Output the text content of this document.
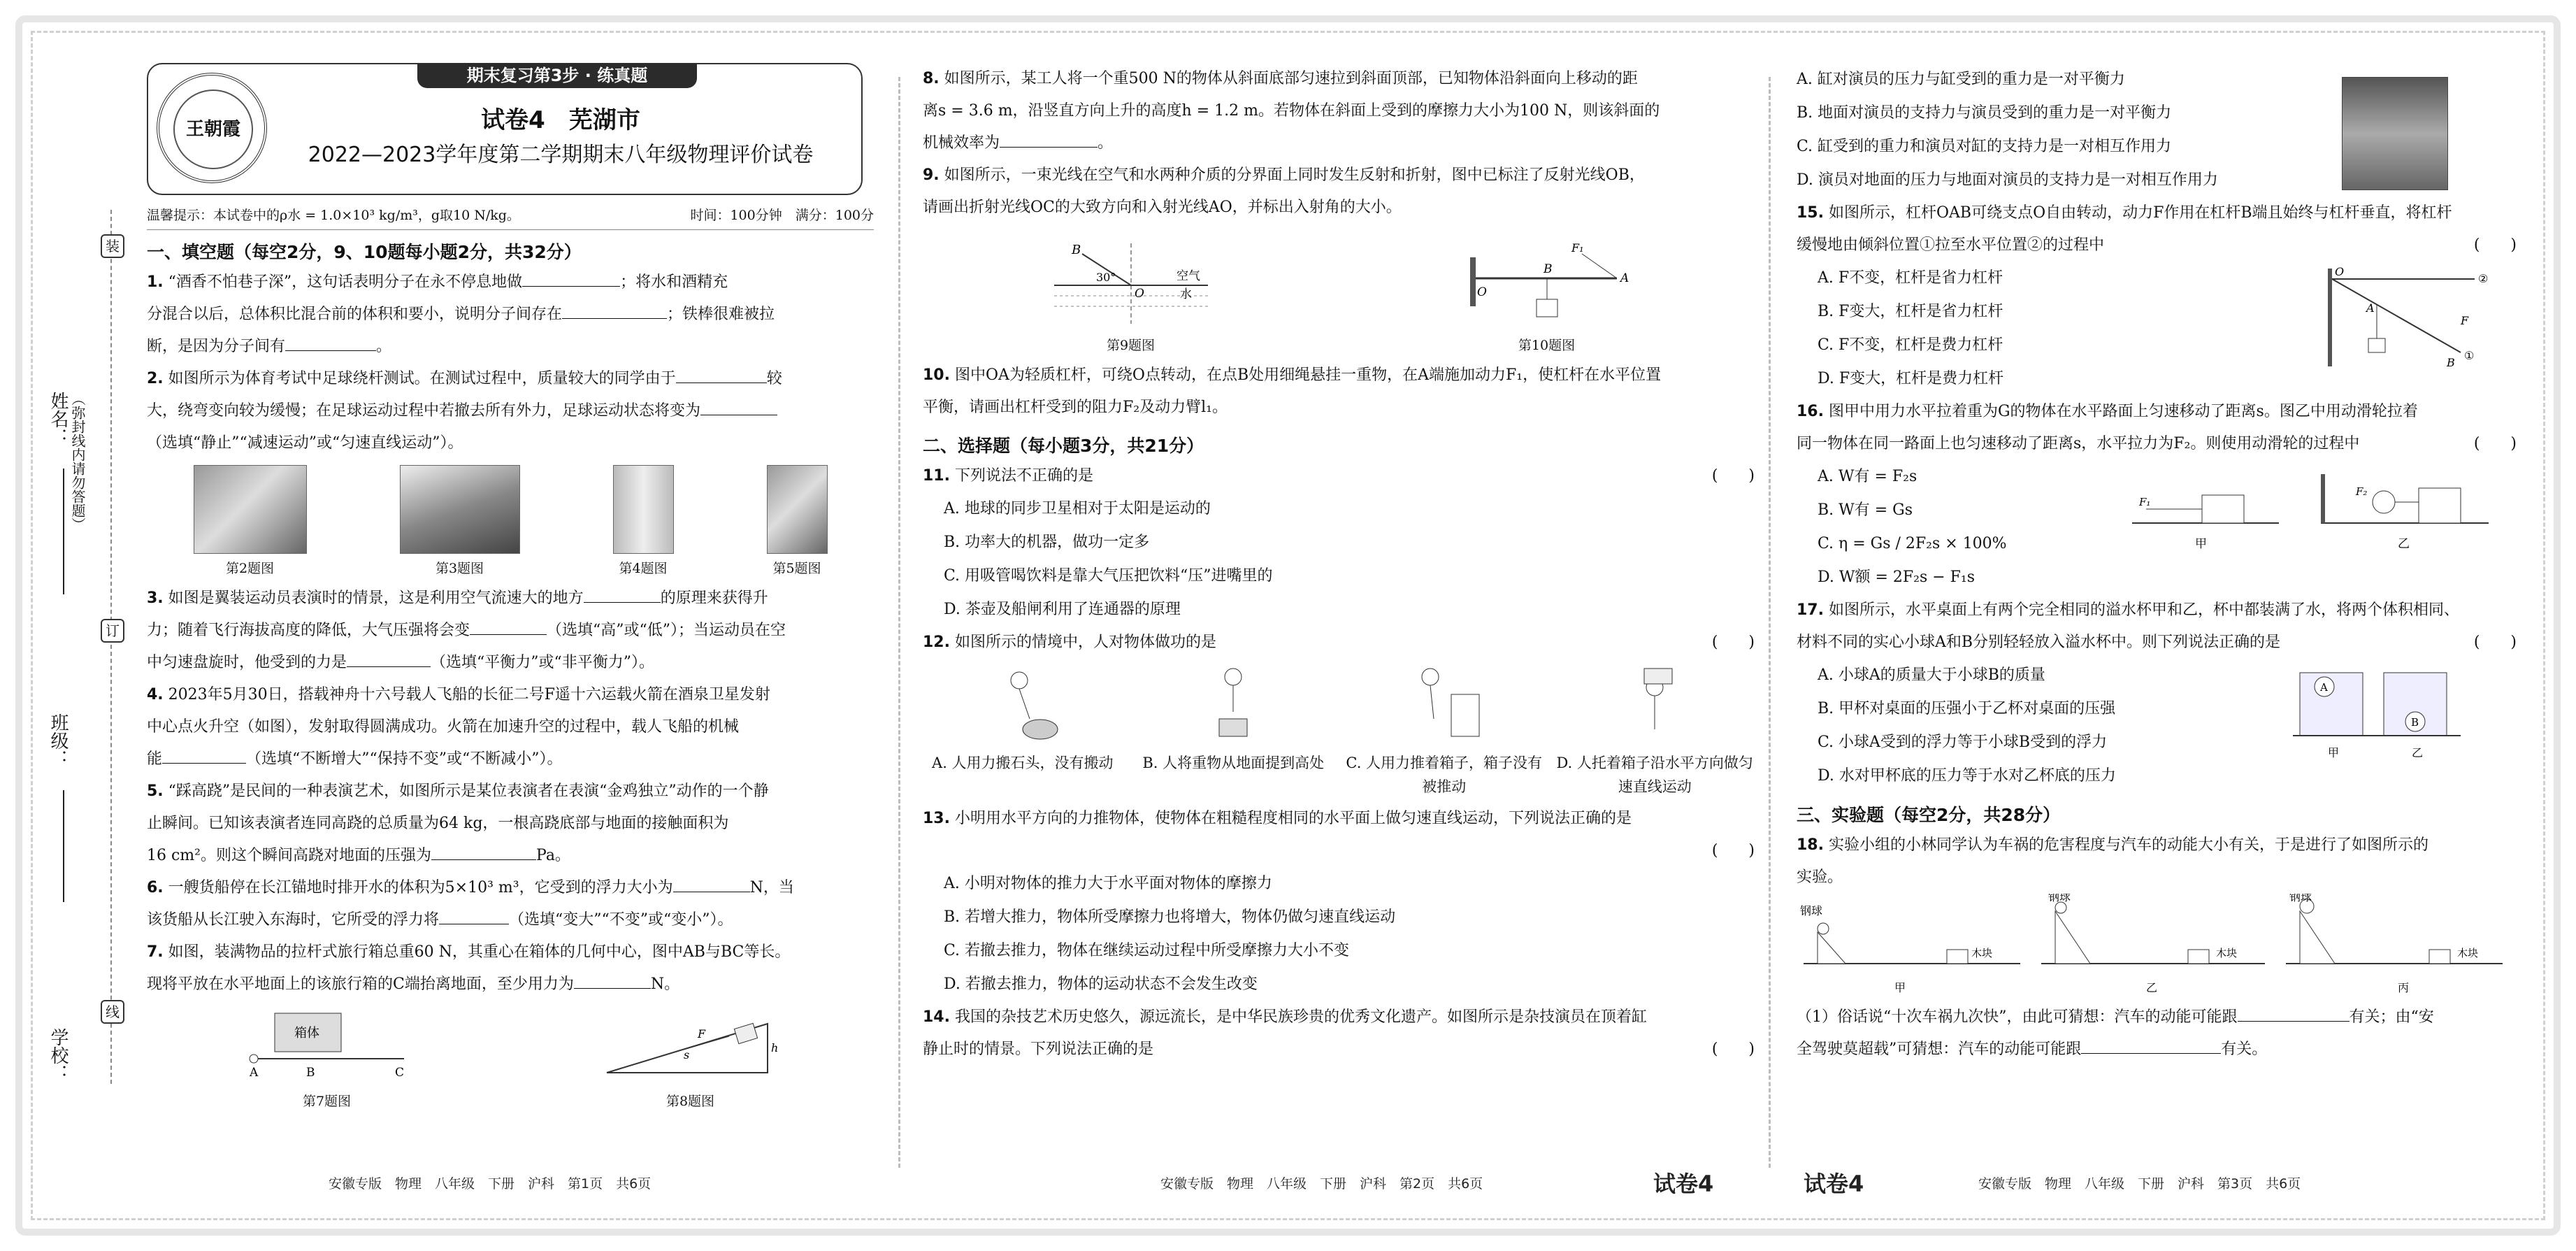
姓名：
班级：
学校：
装
订
线
（弥封线内请勿答题）
期末复习第3步 · 练真题
王朝霞	试卷4　芜湖市
2022—2023学年度第二学期期末八年级物理评价试卷
温馨提示：本试卷中的ρ水 = 1.0×10³ kg/m³，g取10 N/kg。	时间：100分钟　满分：100分
一、填空题（每空2分，9、10题每小题2分，共32分）

1. “酒香不怕巷子深”，这句话表明分子在永不停息地做	；将水和酒精充
分混合以后，总体积比混合前的体积和要小，说明分子间存在	；铁棒很难被拉
断，是因为分子间有	。

2. 如图所示为体育考试中足球绕杆测试。在测试过程中，质量较大的同学由于	较
大，绕弯变向较为缓慢；在足球运动过程中若撤去所有外力，足球运动状态将变为
（选填“静止”“减速运动”或“匀速直线运动”）。

第2题图	第3题图	第4题图	第5题图

3. 如图是翼装运动员表演时的情景，这是利用空气流速大的地方	的原理来获得升
力；随着飞行海拔高度的降低，大气压强将会变	（选填“高”或“低”）；当运动员在空
中匀速盘旋时，他受到的力是	（选填“平衡力”或“非平衡力”）。

4. 2023年5月30日，搭载神舟十六号载人飞船的长征二号F遥十六运载火箭在酒泉卫星发射
中心点火升空（如图），发射取得圆满成功。火箭在加速升空的过程中，载人飞船的机械
能	（选填“不断增大”“保持不变”或“不断减小”）。

5. “踩高跷”是民间的一种表演艺术，如图所示是某位表演者在表演“金鸡独立”动作的一个静
止瞬间。已知该表演者连同高跷的总质量为64 kg，一根高跷底部与地面的接触面积为
16 cm²。则这个瞬间高跷对地面的压强为	Pa。

6. 一艘货船停在长江锚地时排开水的体积为5×10³ m³，它受到的浮力大小为	N，当
该货船从长江驶入东海时，它所受的浮力将	（选填“变大”“不变”或“变小”）。

7. 如图，装满物品的拉杆式旅行箱总重60 N，其重心在箱体的几何中心，图中AB与BC等长。
现将平放在水平地面上的该旅行箱的C端抬离地面，至少用力为	N。

箱体
A	B	C
第7题图
F
s
h
第8题图

8. 如图所示，某工人将一个重500 N的物体从斜面底部匀速拉到斜面顶部，已知物体沿斜面向上移动的距
离s = 3.6 m，沿竖直方向上升的高度h = 1.2 m。若物体在斜面上受到的摩擦力大小为100 N，则该斜面的
机械效率为	。

9. 如图所示，一束光线在空气和水两种介质的分界面上同时发生反射和折射，图中已标注了反射光线OB，
请画出折射光线OC的大致方向和入射光线AO，并标出入射角的大小。

B
30°
O
空气
水
第9题图
O
B
A
F₁
第10题图

10. 图中OA为轻质杠杆，可绕O点转动，在点B处用细绳悬挂一重物，在A端施加动力F₁，使杠杆在水平位置
平衡，请画出杠杆受到的阻力F₂及动力臂l₁。

二、选择题（每小题3分，共21分）

11. 下列说法不正确的是	(　　)

A. 地球的同步卫星相对于太阳是运动的

B. 功率大的机器，做功一定多

C. 用吸管喝饮料是靠大气压把饮料“压”进嘴里的

D. 茶壶及船闸利用了连通器的原理

12. 如图所示的情境中，人对物体做功的是	(　　)

A. 人用力搬石头，没有搬动	B. 人将重物从地面提到高处	C. 人用力推着箱子，箱子没有被推动
D. 人托着箱子沿水平方向做匀速直线运动

13. 小明用水平方向的力推物体，使物体在粗糙程度相同的水平面上做匀速直线运动，下列说法正确的是

(　　)

A. 小明对物体的推力大于水平面对物体的摩擦力

B. 若增大推力，物体所受摩擦力也将增大，物体仍做匀速直线运动

C. 若撤去推力，物体在继续运动过程中所受摩擦力大小不变

D. 若撤去推力，物体的运动状态不会发生改变

14. 我国的杂技艺术历史悠久，源远流长，是中华民族珍贵的优秀文化遗产。如图所示是杂技演员在顶着缸
静止时的情景。下列说法正确的是	(　　)

A. 缸对演员的压力与缸受到的重力是一对平衡力

B. 地面对演员的支持力与演员受到的重力是一对平衡力

C. 缸受到的重力和演员对缸的支持力是一对相互作用力

D. 演员对地面的压力与地面对演员的支持力是一对相互作用力

15. 如图所示，杠杆OAB可绕支点O自由转动，动力F作用在杠杆B端且始终与杠杆垂直，将杠杆
缓慢地由倾斜位置①拉至水平位置②的过程中	(　　)

A. F不变，杠杆是省力杠杆

B. F变大，杠杆是省力杠杆

C. F不变，杠杆是费力杠杆

D. F变大，杠杆是费力杠杆

O
A
B
F
②
①

16. 图甲中用力水平拉着重为G的物体在水平路面上匀速移动了距离s。图乙中用动滑轮拉着
同一物体在同一路面上也匀速移动了距离s，水平拉力为F₂。则使用动滑轮的过程中	(　　)

A. W有 = F₂s

B. W有 = Gs

C. η = Gs / 2F₂s × 100%

D. W额 = 2F₂s − F₁s

F₁
甲
F₂
乙

17. 如图所示，水平桌面上有两个完全相同的溢水杯甲和乙，杯中都装满了水，将两个体积相同、
材料不同的实心小球A和B分别轻轻放入溢水杯中。则下列说法正确的是	(　　)

A. 小球A的质量大于小球B的质量

B. 甲杯对桌面的压强小于乙杯对桌面的压强

C. 小球A受到的浮力等于小球B受到的浮力

D. 水对甲杯底的压力等于水对乙杯底的压力

A
B
甲	乙
三、实验题（每空2分，共28分）

18. 实验小组的小林同学认为车祸的危害程度与汽车的动能大小有关，于是进行了如图所示的
实验。

钢球
木块
甲
钢球
木块
乙
钢球
木块
丙

（1）俗话说“十次车祸九次快”，由此可猜想：汽车的动能可能跟	有关；由“安
全驾驶莫超载”可猜想：汽车的动能可能跟	有关。

安徽专版　物理　八年级　下册　沪科　第1页　共6页	安徽专版　物理　八年级　下册　沪科　第2页　共6页	试卷4	试卷4	安徽专版　物理　八年级　下册　沪科　第3页　共6页
